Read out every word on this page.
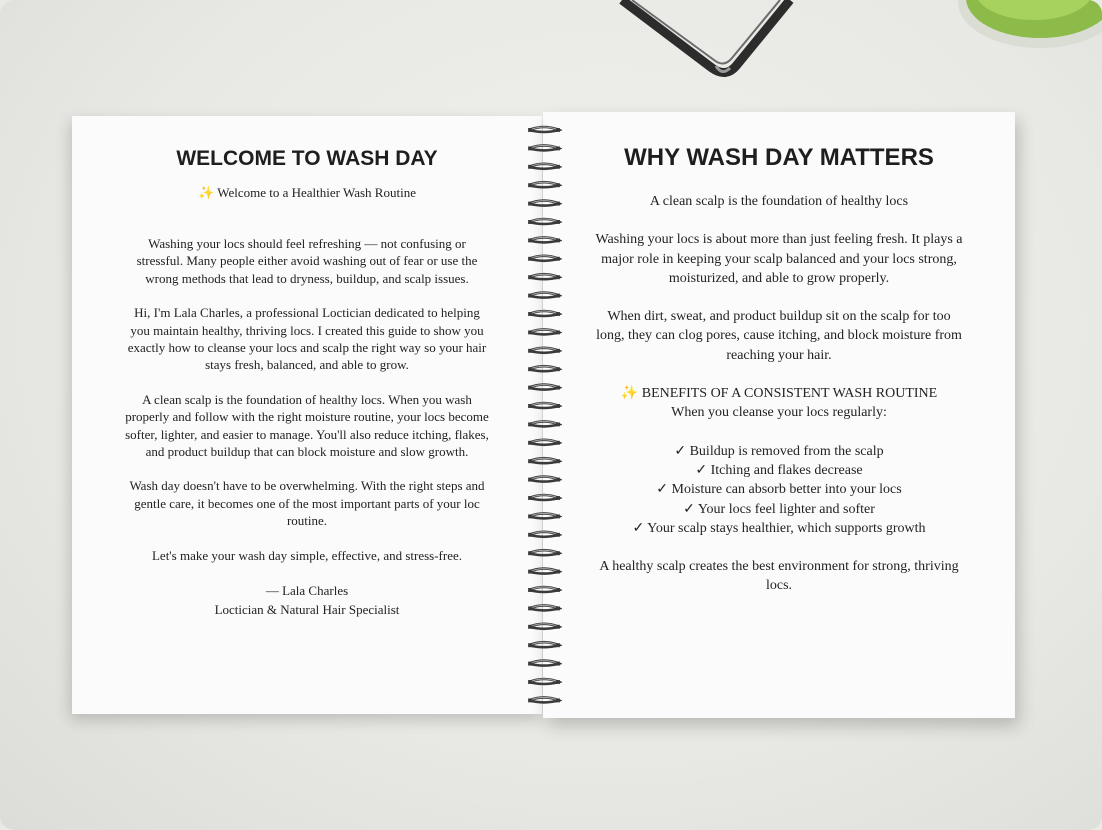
WELCOME TO WASH DAY
✨ Welcome to a Healthier Wash Routine

Washing your locs should feel refreshing — not confusing or stressful. Many people either avoid washing out of fear or use the wrong methods that lead to dryness, buildup, and scalp issues.

Hi, I'm Lala Charles, a professional Loctician dedicated to helping you maintain healthy, thriving locs. I created this guide to show you exactly how to cleanse your locs and scalp the right way so your hair stays fresh, balanced, and able to grow.

A clean scalp is the foundation of healthy locs. When you wash properly and follow with the right moisture routine, your locs become softer, lighter, and easier to manage. You'll also reduce itching, flakes, and product buildup that can block moisture and slow growth.

Wash day doesn't have to be overwhelming. With the right steps and gentle care, it becomes one of the most important parts of your loc routine.

Let's make your wash day simple, effective, and stress-free.

— Lala Charles
Loctician & Natural Hair Specialist
WHY WASH DAY MATTERS

A clean scalp is the foundation of healthy locs

Washing your locs is about more than just feeling fresh. It plays a major role in keeping your scalp balanced and your locs strong, moisturized, and able to grow properly.

When dirt, sweat, and product buildup sit on the scalp for too long, they can clog pores, cause itching, and block moisture from reaching your hair.

✨ BENEFITS OF A CONSISTENT WASH ROUTINE

When you cleanse your locs regularly:

✓ Buildup is removed from the scalp
✓ Itching and flakes decrease
✓ Moisture can absorb better into your locs
✓ Your locs feel lighter and softer
✓ Your scalp stays healthier, which supports growth

A healthy scalp creates the best environment for strong, thriving locs.
